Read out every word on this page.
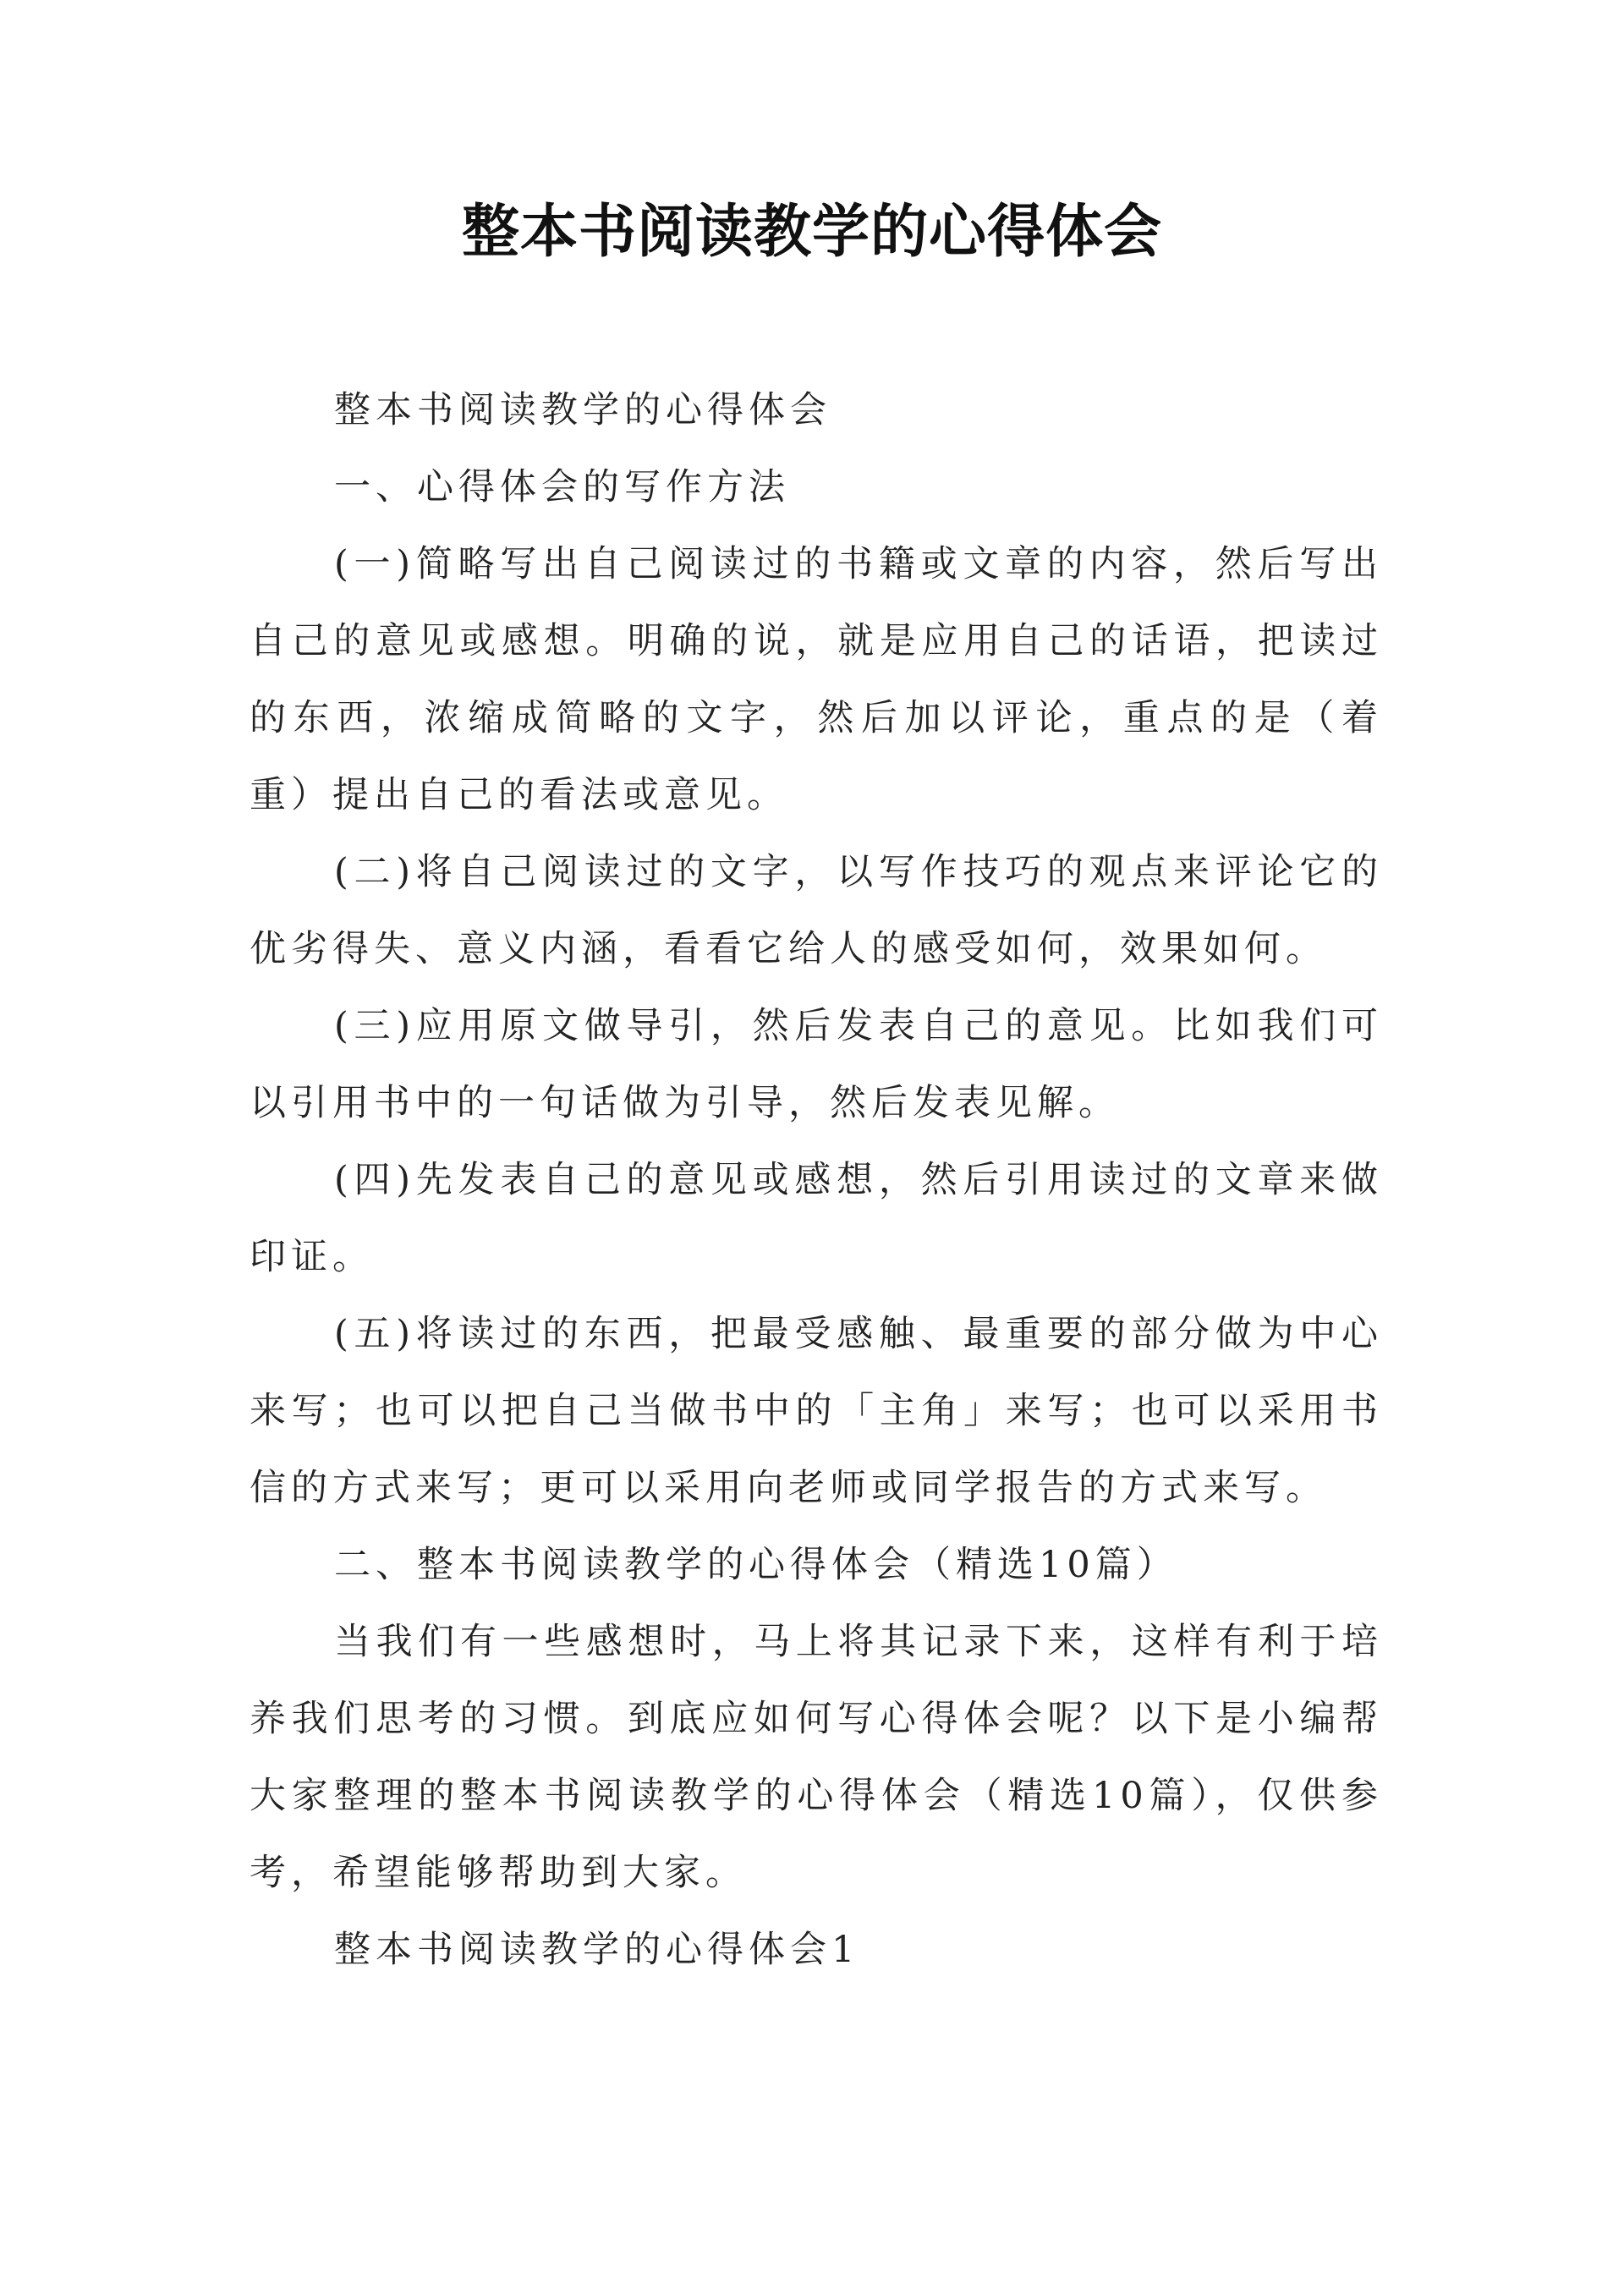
整本书阅读教学的心得体会

整本书阅读教学的心得体会

一、心得体会的写作方法

(一)简略写出自己阅读过的书籍或文章的内容，然后写出自己的意见或感想。明确的说，就是应用自己的话语，把读过的东西，浓缩成简略的文字，然后加以评论，重点的是（着重）提出自己的看法或意见。

(二)将自己阅读过的文字，以写作技巧的观点来评论它的优劣得失、意义内涵，看看它给人的感受如何，效果如何。

(三)应用原文做导引，然后发表自己的意见。比如我们可以引用书中的一句话做为引导，然后发表见解。

(四)先发表自己的意见或感想，然后引用读过的文章来做印证。

(五)将读过的东西，把最受感触、最重要的部分做为中心来写；也可以把自己当做书中的「主角」来写；也可以采用书信的方式来写；更可以采用向老师或同学报告的方式来写。

二、整本书阅读教学的心得体会（精选10篇）

当我们有一些感想时，马上将其记录下来，这样有利于培养我们思考的习惯。到底应如何写心得体会呢？以下是小编帮大家整理的整本书阅读教学的心得体会（精选10篇），仅供参考，希望能够帮助到大家。

整本书阅读教学的心得体会1
